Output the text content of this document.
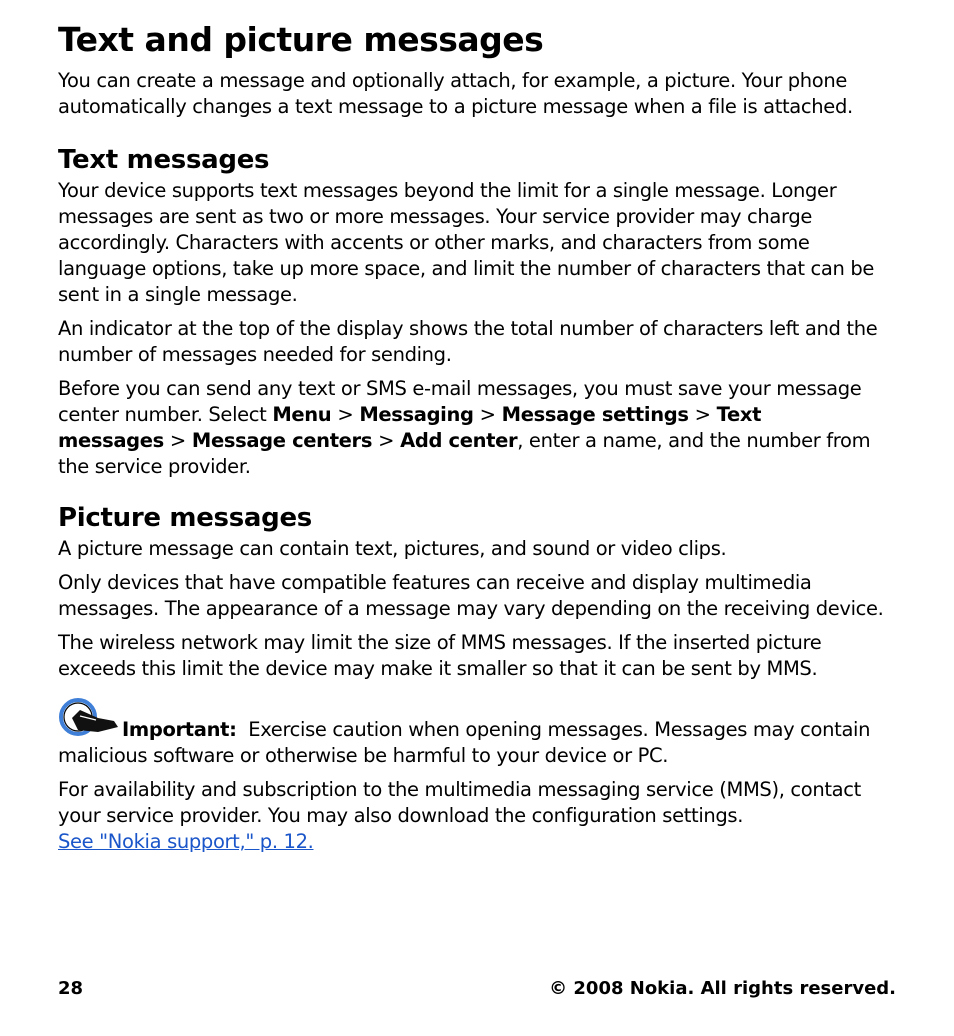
Text and picture messages

You can create a message and optionally attach, for example, a picture. Your phone automatically changes a text message to a picture message when a file is attached.

Text messages

Your device supports text messages beyond the limit for a single message. Longer messages are sent as two or more messages. Your service provider may charge accordingly. Characters with accents or other marks, and characters from some language options, take up more space, and limit the number of characters that can be sent in a single message.

An indicator at the top of the display shows the total number of characters left and the number of messages needed for sending.

Before you can send any text or SMS e-mail messages, you must save your message center number. Select Menu > Messaging > Message settings > Text messages > Message centers > Add center, enter a name, and the number from the service provider.

Picture messages

A picture message can contain text, pictures, and sound or video clips.

Only devices that have compatible features can receive and display multimedia messages. The appearance of a message may vary depending on the receiving device.

The wireless network may limit the size of MMS messages. If the inserted picture exceeds this limit the device may make it smaller so that it can be sent by MMS.

Important: Exercise caution when opening messages. Messages may contain malicious software or otherwise be harmful to your device or PC.

For availability and subscription to the multimedia messaging service (MMS), contact your service provider. You may also download the configuration settings.
See "Nokia support," p. 12.

28	© 2008 Nokia. All rights reserved.
